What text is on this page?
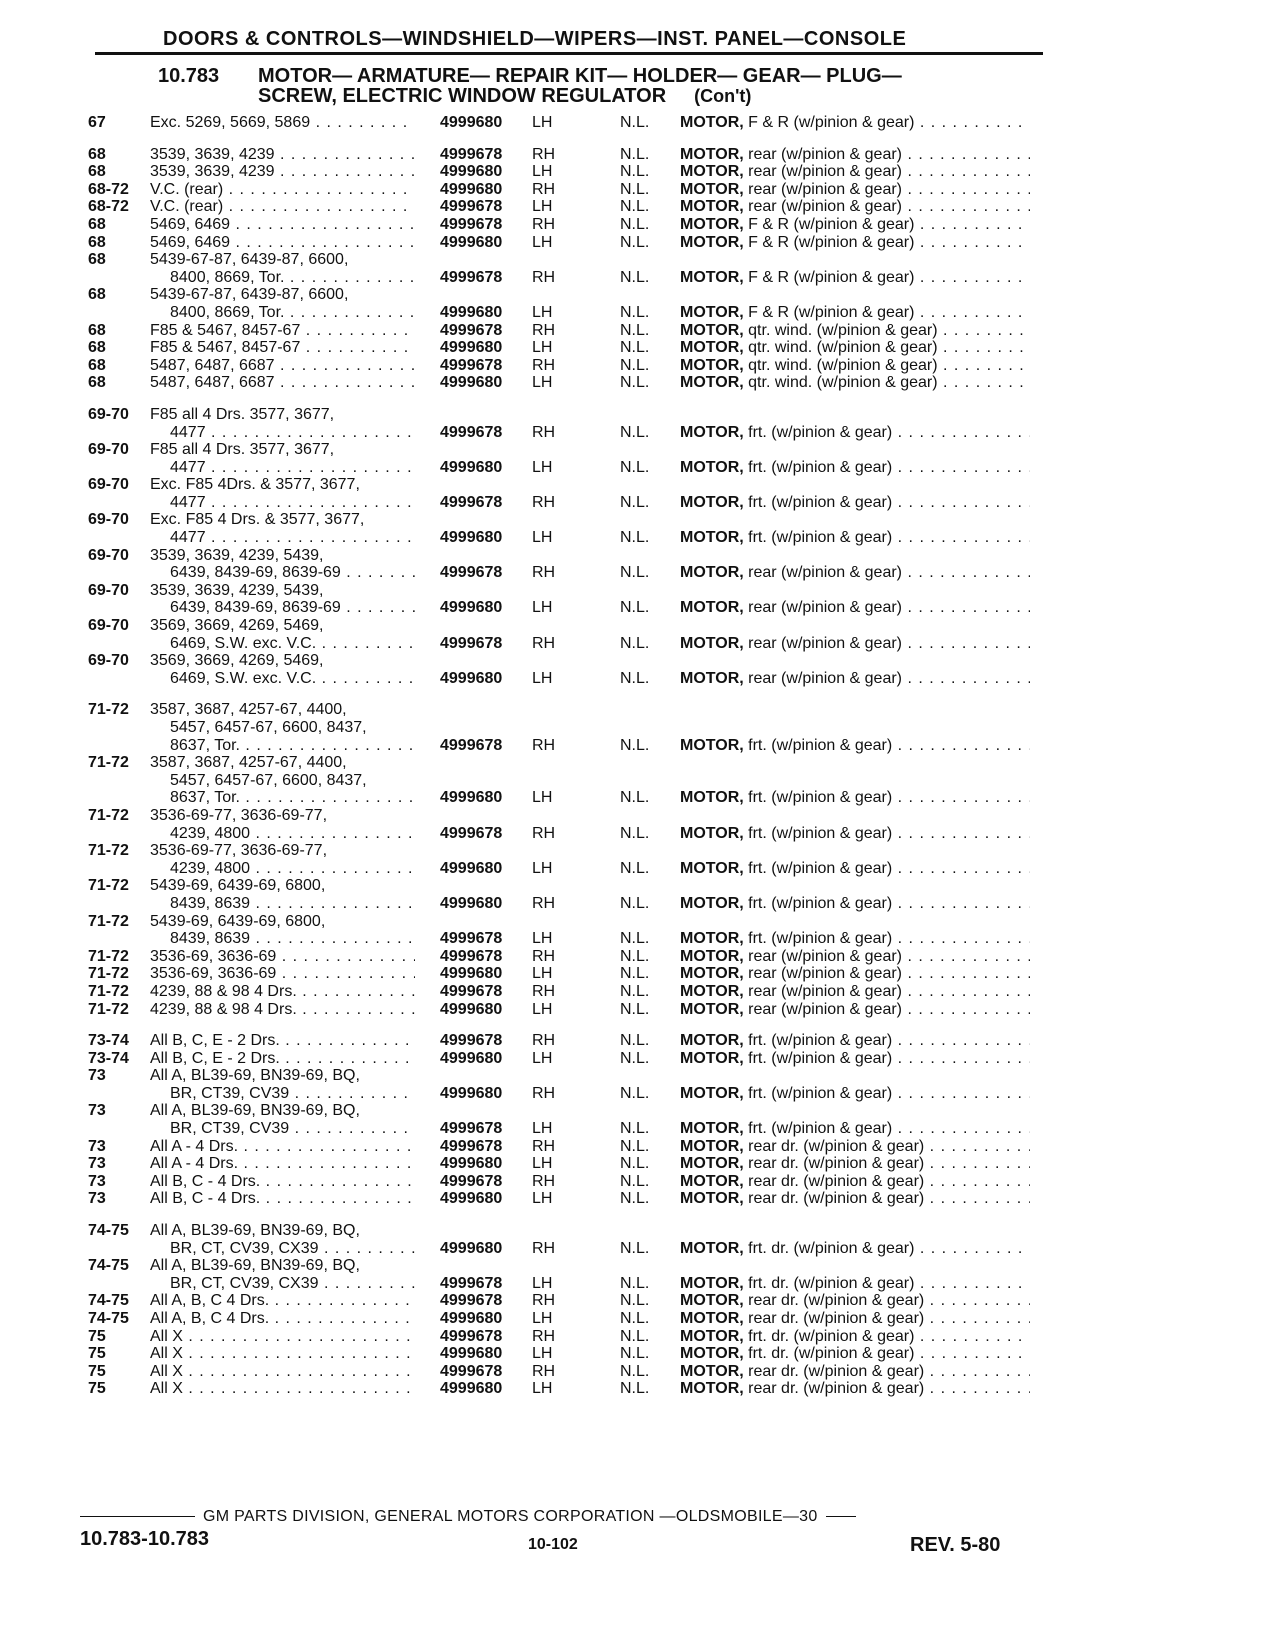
DOORS & CONTROLS—WINDSHIELD—WIPERS—INST. PANEL—CONSOLE
10.783 MOTOR— ARMATURE— REPAIR KIT— HOLDER— GEAR— PLUG—
SCREW, ELECTRIC WINDOW REGULATOR (Con't)
67	Exc. 5269, 5669, 5869 . . .	4999680 LH	N.L. MOTOR, F & R (w/pinion & gear) . . .
68	3539, 3639, 4239 . . .	4999678 RH	N.L. MOTOR, rear (w/pinion & gear) . . .
68	3539, 3639, 4239 . . .	4999680 LH	N.L. MOTOR, rear (w/pinion & gear) . . .
68-72 V.C. (rear) . . .	4999680 RH	N.L. MOTOR, rear (w/pinion & gear) . . .
68-72 V.C. (rear) . . .	4999678 LH	N.L. MOTOR, rear (w/pinion & gear) . . .
68	5469, 6469 . . .	4999678 RH	N.L. MOTOR, F & R (w/pinion & gear) . . .
68	5469, 6469 . . .	4999680 LH	N.L. MOTOR, F & R (w/pinion & gear) . . .
68	5439-67-87, 6439-87, 6600,
8400, 8669, Tor. . . .	4999678 RH	N.L. MOTOR, F & R (w/pinion & gear) . . .
68	5439-67-87, 6439-87, 6600,
8400, 8669, Tor. . . .	4999680 LH	N.L. MOTOR, F & R (w/pinion & gear) . . .
68	F85 & 5467, 8457-67 . . .	4999678 RH	N.L. MOTOR, qtr. wind. (w/pinion & gear) . . .
68	F85 & 5467, 8457-67 . . .	4999680 LH	N.L. MOTOR, qtr. wind. (w/pinion & gear) . . .
68	5487, 6487, 6687 . . .	4999678 RH	N.L. MOTOR, qtr. wind. (w/pinion & gear) . . .
68	5487, 6487, 6687 . . .	4999680 LH	N.L. MOTOR, qtr. wind. (w/pinion & gear) . . .
69-70 F85 all 4 Drs. 3577, 3677,
4477 . . .	4999678 RH	N.L. MOTOR, frt. (w/pinion & gear) . . .
69-70 F85 all 4 Drs. 3577, 3677,
4477 . . .	4999680 LH	N.L. MOTOR, frt. (w/pinion & gear) . . .
69-70 Exc. F85 4Drs. & 3577, 3677,
4477 . . .	4999678 RH	N.L. MOTOR, frt. (w/pinion & gear) . . .
69-70 Exc. F85 4 Drs. & 3577, 3677,
4477 . . .	4999680 LH	N.L. MOTOR, frt. (w/pinion & gear) . . .
69-70 3539, 3639, 4239, 5439,
6439, 8439-69, 8639-69 . . .	4999678 RH	N.L. MOTOR, rear (w/pinion & gear) . . .
69-70 3539, 3639, 4239, 5439,
6439, 8439-69, 8639-69 . . .	4999680 LH	N.L. MOTOR, rear (w/pinion & gear) . . .
69-70 3569, 3669, 4269, 5469,
6469, S.W. exc. V.C. . . .	4999678 RH	N.L. MOTOR, rear (w/pinion & gear) . . .
69-70 3569, 3669, 4269, 5469,
6469, S.W. exc. V.C. . . .	4999680 LH	N.L. MOTOR, rear (w/pinion & gear) . . .
71-72 3587, 3687, 4257-67, 4400,
5457, 6457-67, 6600, 8437,
8637, Tor. . . .	4999678 RH	N.L. MOTOR, frt. (w/pinion & gear) . . .
71-72 3587, 3687, 4257-67, 4400,
5457, 6457-67, 6600, 8437,
8637, Tor. . . .	4999680 LH	N.L. MOTOR, frt. (w/pinion & gear) . . .
71-72 3536-69-77, 3636-69-77,
4239, 4800 . . .	4999678 RH	N.L. MOTOR, frt. (w/pinion & gear) . . .
71-72 3536-69-77, 3636-69-77,
4239, 4800 . . .	4999680 LH	N.L. MOTOR, frt. (w/pinion & gear) . . .
71-72 5439-69, 6439-69, 6800,
8439, 8639 . . .	4999680 RH	N.L. MOTOR, frt. (w/pinion & gear) . . .
71-72 5439-69, 6439-69, 6800,
8439, 8639 . . .	4999678 LH	N.L. MOTOR, frt. (w/pinion & gear) . . .
71-72 3536-69, 3636-69 . . .	4999678 RH	N.L. MOTOR, rear (w/pinion & gear) . . .
71-72 3536-69, 3636-69 . . .	4999680 LH	N.L. MOTOR, rear (w/pinion & gear) . . .
71-72 4239, 88 & 98 4 Drs. . . .	4999678 RH	N.L. MOTOR, rear (w/pinion & gear) . . .
71-72 4239, 88 & 98 4 Drs. . . .	4999680 LH	N.L. MOTOR, rear (w/pinion & gear) . . .
73-74 All B, C, E - 2 Drs. . . .	4999678 RH	N.L. MOTOR, frt. (w/pinion & gear) . . .
73-74 All B, C, E - 2 Drs. . . .	4999680 LH	N.L. MOTOR, frt. (w/pinion & gear) . . .
73	All A, BL39-69, BN39-69, BQ,
BR, CT39, CV39 . . .	4999680 RH	N.L. MOTOR, frt. (w/pinion & gear) . . .
73	All A, BL39-69, BN39-69, BQ,
BR, CT39, CV39 . . .	4999678 LH	N.L. MOTOR, frt. (w/pinion & gear) . . .
73	All A - 4 Drs. . . .	4999678 RH	N.L. MOTOR, rear dr. (w/pinion & gear) . . .
73	All A - 4 Drs. . . .	4999680 LH	N.L. MOTOR, rear dr. (w/pinion & gear) . . .
73	All B, C - 4 Drs. . . .	4999678 RH	N.L. MOTOR, rear dr. (w/pinion & gear) . . .
73	All B, C - 4 Drs. . . .	4999680 LH	N.L. MOTOR, rear dr. (w/pinion & gear) . . .
74-75 All A, BL39-69, BN39-69, BQ,
BR, CT, CV39, CX39 . . .	4999680 RH	N.L. MOTOR, frt. dr. (w/pinion & gear) . . .
74-75 All A, BL39-69, BN39-69, BQ,
BR, CT, CV39, CX39 . . .	4999678 LH	N.L. MOTOR, frt. dr. (w/pinion & gear) . . .
74-75 All A, B, C 4 Drs. . . .	4999678 RH	N.L. MOTOR, rear dr. (w/pinion & gear) . . .
74-75 All A, B, C 4 Drs. . . .	4999680 LH	N.L. MOTOR, rear dr. (w/pinion & gear) . . .
75	All X . . .	4999678 RH	N.L. MOTOR, frt. dr. (w/pinion & gear) . . .
75	All X . . .	4999680 LH	N.L. MOTOR, frt. dr. (w/pinion & gear) . . .
75	All X . . .	4999678 RH	N.L. MOTOR, rear dr. (w/pinion & gear) . . .
75	All X . . .	4999680 LH	N.L. MOTOR, rear dr. (w/pinion & gear) . . .
GM PARTS DIVISION, GENERAL MOTORS CORPORATION —OLDSMOBILE—30
10.783-10.783	10-102	REV. 5-80
